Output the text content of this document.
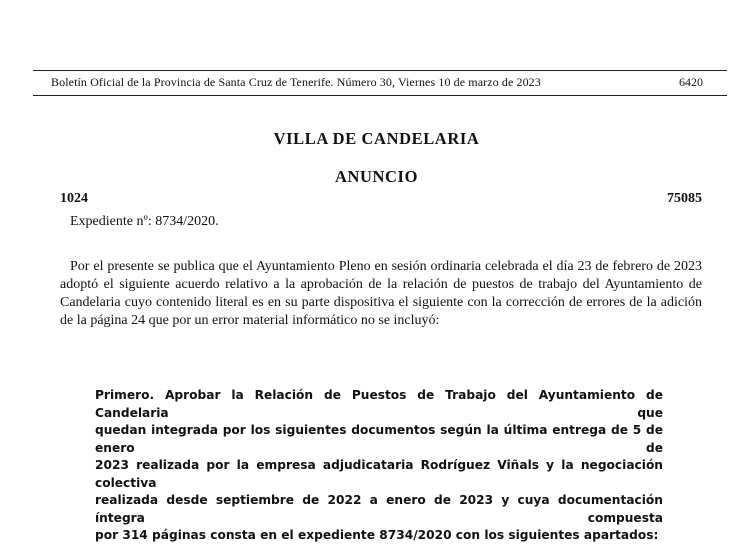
Boletín Oficial de la Provincia de Santa Cruz de Tenerife. Número 30, Viernes 10 de marzo de 2023	6420
VILLA DE CANDELARIA
ANUNCIO
1024	75085
Expediente nº: 8734/2020.
Por el presente se publica que el Ayuntamiento Pleno en sesión ordinaria celebrada el día 23 de febrero de 2023 adoptó el siguiente acuerdo relativo a la aprobación de la relación de puestos de trabajo del Ayuntamiento de Candelaria cuyo contenido literal es en su parte dispositiva el siguiente con la corrección de errores de la adición de la página 24 que por un error material informático no se incluyó:
Primero. Aprobar la Relación de Puestos de Trabajo del Ayuntamiento de Candelaria que
quedan integrada por los siguientes documentos según la última entrega de 5 de enero de
2023 realizada por la empresa adjudicataria Rodríguez Viñals y la negociación colectiva
realizada desde septiembre de 2022 a enero de 2023 y cuya documentación íntegra compuesta
por 314 páginas consta en el expediente 8734/2020 con los siguientes apartados:
